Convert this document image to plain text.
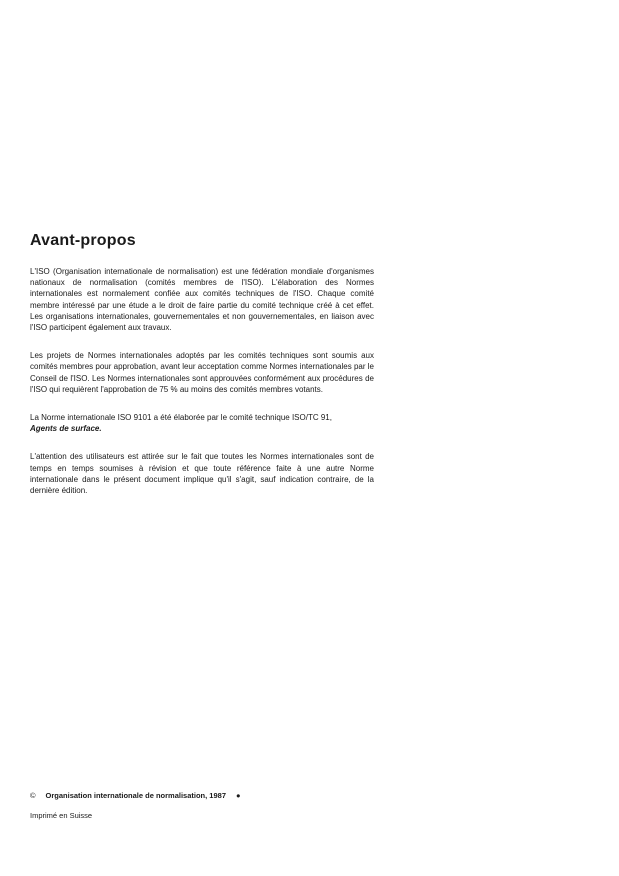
Avant-propos

L'ISO (Organisation internationale de normalisation) est une fédération mondiale d'organismes nationaux de normalisation (comités membres de l'ISO). L'élaboration des Normes internationales est normalement confiée aux comités techniques de l'ISO. Chaque comité membre intéressé par une étude a le droit de faire partie du comité technique créé à cet effet. Les organisations internationales, gouvernementales et non gouvernementales, en liaison avec l'ISO participent également aux travaux.

Les projets de Normes internationales adoptés par les comités techniques sont soumis aux comités membres pour approbation, avant leur acceptation comme Normes internationales par le Conseil de l'ISO. Les Normes internationales sont approuvées conformément aux procédures de l'ISO qui requièrent l'approbation de 75 % au moins des comités membres votants.

La Norme internationale ISO 9101 a été élaborée par le comité technique ISO/TC 91,
Agents de surface.

L'attention des utilisateurs est attirée sur le fait que toutes les Normes internationales sont de temps en temps soumises à révision et que toute référence faite à une autre Norme internationale dans le présent document implique qu'il s'agit, sauf indication contraire, de la dernière édition.

© Organisation internationale de normalisation, 1987 ●
Imprimé en Suisse
